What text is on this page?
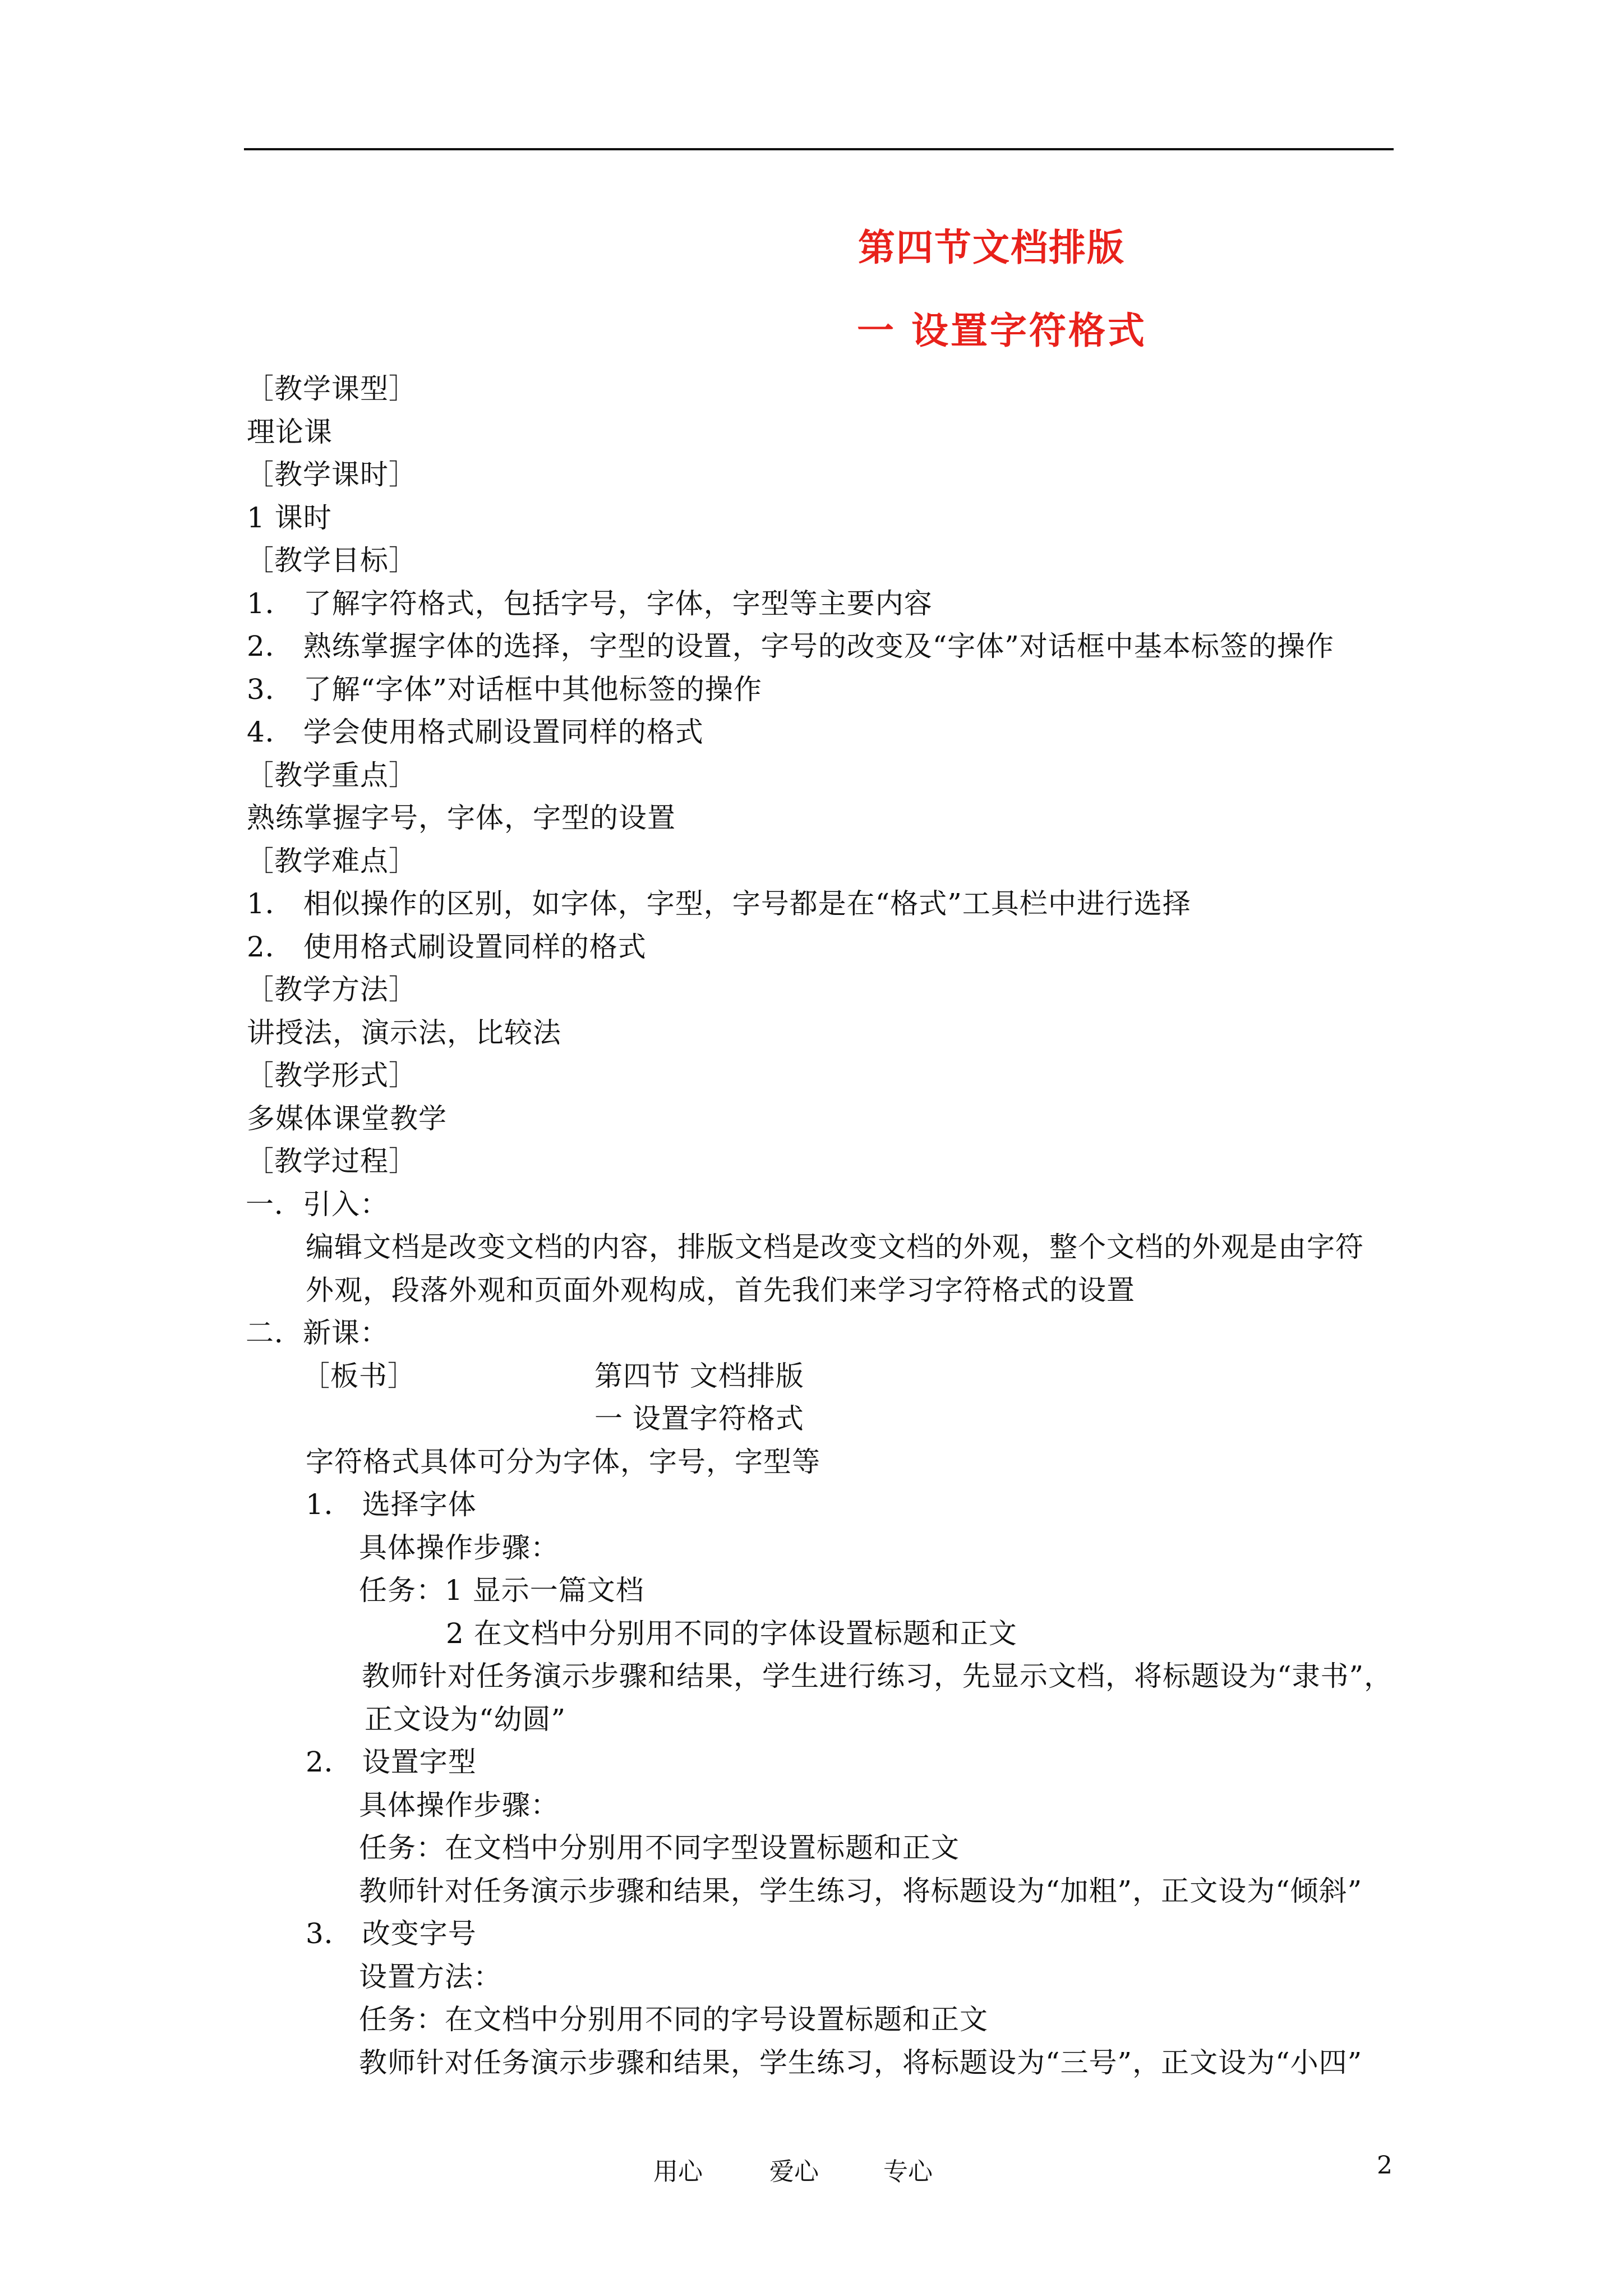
第四节文档排版
一 设置字符格式
［教学课型］
理论课
［教学课时］
1 课时
［教学目标］
1． 了解字符格式，包括字号，字体，字型等主要内容
2． 熟练掌握字体的选择，字型的设置，字号的改变及“字体”对话框中基本标签的操作
3． 了解“字体”对话框中其他标签的操作
4． 学会使用格式刷设置同样的格式
［教学重点］
熟练掌握字号，字体，字型的设置
［教学难点］
1． 相似操作的区别，如字体，字型，字号都是在“格式”工具栏中进行选择
2． 使用格式刷设置同样的格式
［教学方法］
讲授法，演示法，比较法
［教学形式］
多媒体课堂教学
［教学过程］
一．引入：
编辑文档是改变文档的内容，排版文档是改变文档的外观，整个文档的外观是由字符
外观，段落外观和页面外观构成，首先我们来学习字符格式的设置
二．新课：
［板书］	第四节 文档排版
一 设置字符格式
字符格式具体可分为字体，字号，字型等
1． 选择字体
具体操作步骤：
任务：1 显示一篇文档
2 在文档中分别用不同的字体设置标题和正文
教师针对任务演示步骤和结果，学生进行练习，先显示文档，将标题设为“隶书”，
正文设为“幼圆”
2． 设置字型
具体操作步骤：
任务：在文档中分别用不同字型设置标题和正文
教师针对任务演示步骤和结果，学生练习，将标题设为“加粗”，正文设为“倾斜”
3． 改变字号
设置方法：
任务：在文档中分别用不同的字号设置标题和正文
教师针对任务演示步骤和结果，学生练习，将标题设为“三号”，正文设为“小四”
用心	爱心	专心	2
